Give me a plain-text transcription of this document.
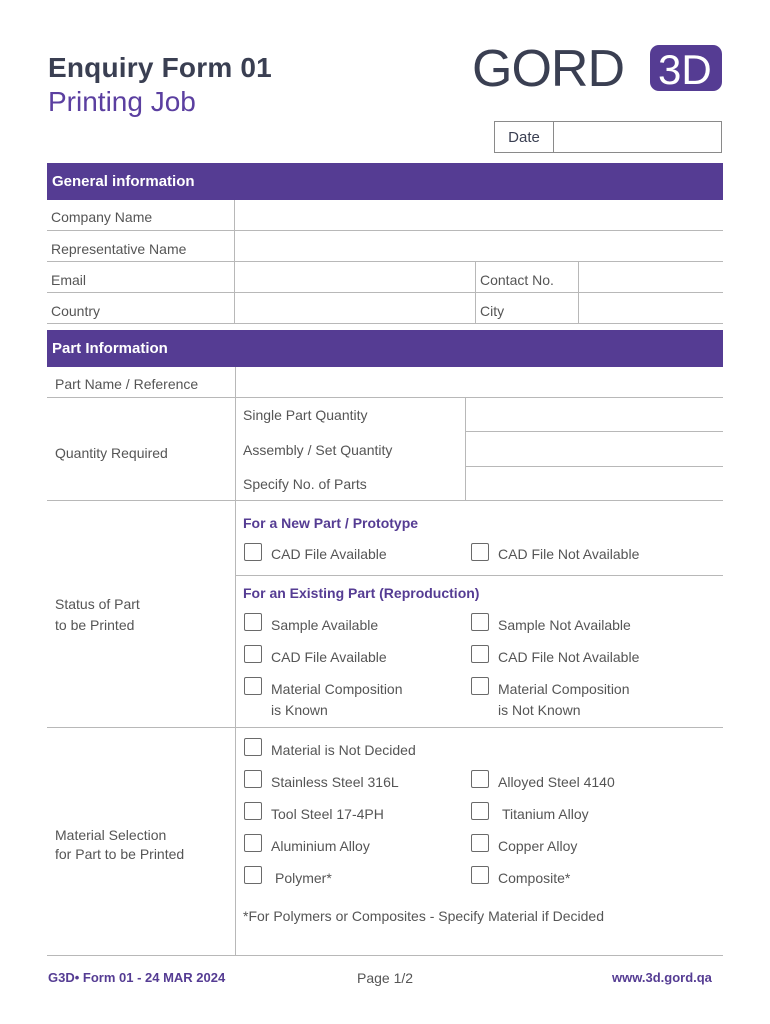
Enquiry Form 01
Printing Job
GORD 3D
Date
General information
Company Name
Representative Name
Email	Contact No.
Country	City
Part Information
Part Name / Reference
Quantity Required
Single Part Quantity
Assembly / Set Quantity
Specify No. of Parts
Status of Part
to be Printed
For a New Part / Prototype
CAD File Available	CAD File Not Available
For an Existing Part (Reproduction)
Sample Available	Sample Not Available
CAD File Available	CAD File Not Available
Material Composition
is Known
Material Composition
is Not Known
Material Selection
for Part to be Printed
Material is Not Decided
Stainless Steel 316L	Alloyed Steel 4140
Tool Steel 17-4PH	Titanium Alloy
Aluminium Alloy	Copper Alloy
Polymer*	Composite*
*For Polymers or Composites - Specify Material if Decided
G3D• Form 01 - 24 MAR 2024	Page 1/2	www.3d.gord.qa
